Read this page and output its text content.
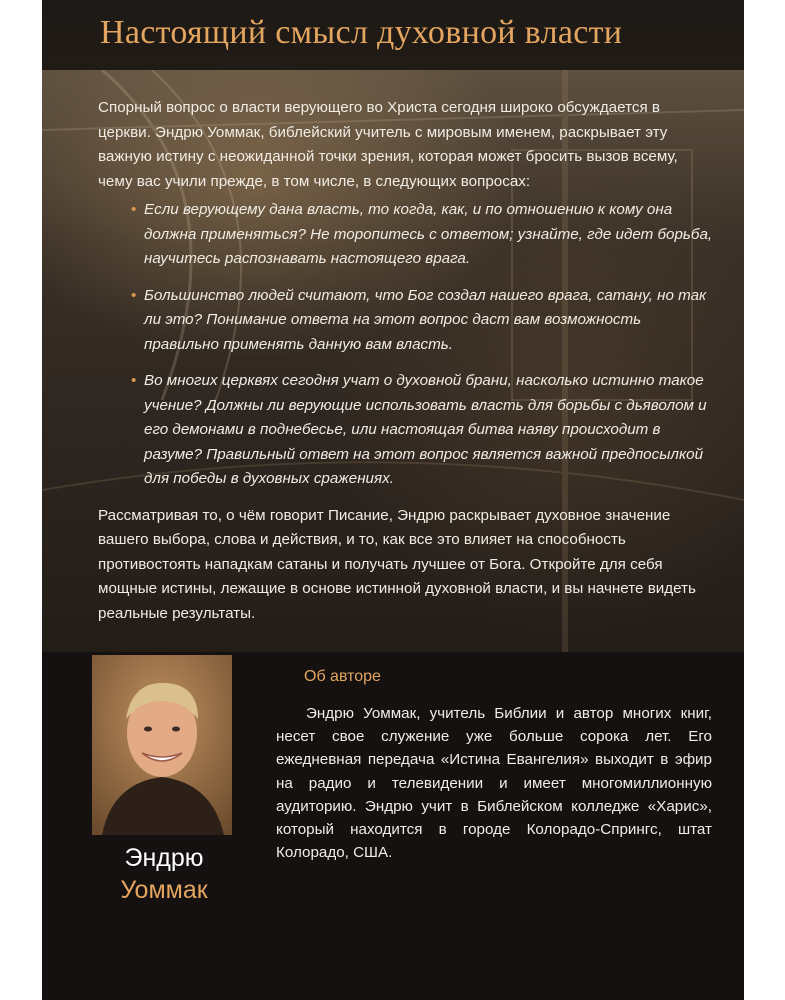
Настоящий смысл духовной власти

Спорный вопрос о власти верующего во Христа сегодня широко обсуждается в церкви. Эндрю Уоммак, библейский учитель с мировым именем, раскрывает эту важную истину с неожиданной точки зрения, которая может бросить вызов всему, чему вас учили прежде, в том числе, в следующих вопросах:

• Если верующему дана власть, то когда, как, и по отношению к кому она должна применяться? Не торопитесь с ответом; узнайте, где идет борьба, научитесь распознавать настоящего врага.
• Большинство людей считают, что Бог создал нашего врага, сатану, но так ли это? Понимание ответа на этот вопрос даст вам возможность правильно применять данную вам власть.
• Во многих церквях сегодня учат о духовной брани, насколько истинно такое учение? Должны ли верующие использовать власть для борьбы с дьяволом и его демонами в поднебесье, или настоящая битва наяву происходит в разуме? Правильный ответ на этот вопрос является важной предпосылкой для победы в духовных сражениях.

Рассматривая то, о чём говорит Писание, Эндрю раскрывает духовное значение вашего выбора, слова и действия, и то, как все это влияет на способность противостоять нападкам сатаны и получать лучшее от Бога. Откройте для себя мощные истины, лежащие в основе истинной духовной власти, и вы начнете видеть реальные результаты.

Эндрю
Уоммак
Об авторе

Эндрю Уоммак, учитель Библии и автор многих книг, несет свое служение уже больше сорока лет. Его ежедневная передача «Истина Евангелия» выходит в эфир на радио и телевидении и имеет многомиллионную аудиторию. Эндрю учит в Библейском колледже «Харис», который находится в городе Колорадо-Спрингс, штат Колорадо, США.
